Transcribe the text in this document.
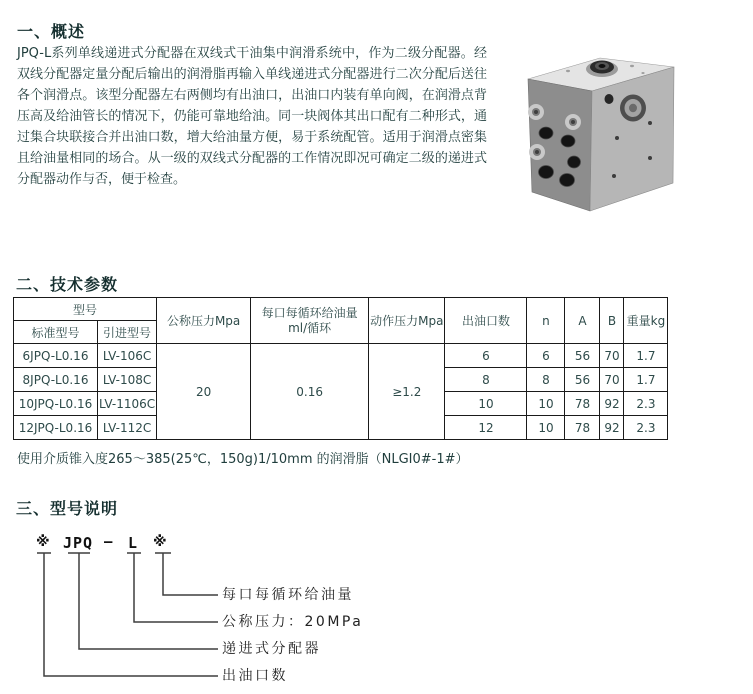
一、概述

JPQ-L系列单线递进式分配器在双线式干油集中润滑系统中，作为二级分配器。经双线分配器定量分配后输出的润滑脂再输入单线递进式分配器进行二次分配后送往各个润滑点。该型分配器左右两侧均有出油口，出油口内装有单向阀，在润滑点背压高及给油管长的情况下，仍能可靠地给油。同一块阀体其出口配有二种形式，通过集合块联接合并出油口数，增大给油量方便，易于系统配管。适用于润滑点密集且给油量相同的场合。从一级的双线式分配器的工作情况即况可确定二级的递进式分配器动作与否，便于检查。

二、技术参数
型号		公称压力Mpa	每口每循环给油量
ml/循环	动作压力Mpa	出油口数	n	A	B	重量kg
标准型号	引进型号								
6JPQ-L0.16	LV-106C	20	0.16	≥1.2	6	6	56	70	1.7
8JPQ-L0.16	LV-108C				8	8	56	70	1.7
10JPQ-L0.16	LV-1106C				10	10	78	92	2.3
12JPQ-L0.16	LV-112C				12	10	78	92	2.3

使用介质锥入度265～385(25℃，150g)1/10mm 的润滑脂（NLGI0#-1#）

三、型号说明
※ JPQ – L ※
每口每循环给油量
公称压力：20MPa
递进式分配器
出油口数
